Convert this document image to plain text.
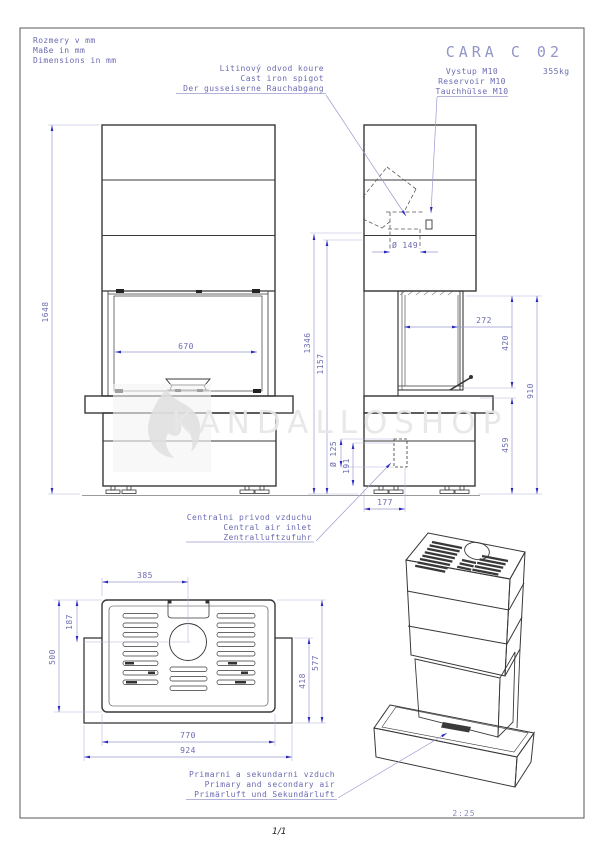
KANDALLOSHOP
Rozmery v mm
Maße in mm
Dimensions in mm	CARA C 02
355kg
Vystup M10
Reservoir M10
Tauchhülse M10
Litinový odvod koure
Cast iron spigot
Der gusseiserne Rauchabgang
Centralni privod vzduchu
Central air inlet
Zentralluftzufuhr
Primarni a sekundarni vzduch
Primary and secondary air
Primärluft und Sekundärluft
1648
670
Ø 149
1346
1157
272
420
910
459
Ø 125 191
177
385
187
500	577
418
770
924
2:25
1/1
